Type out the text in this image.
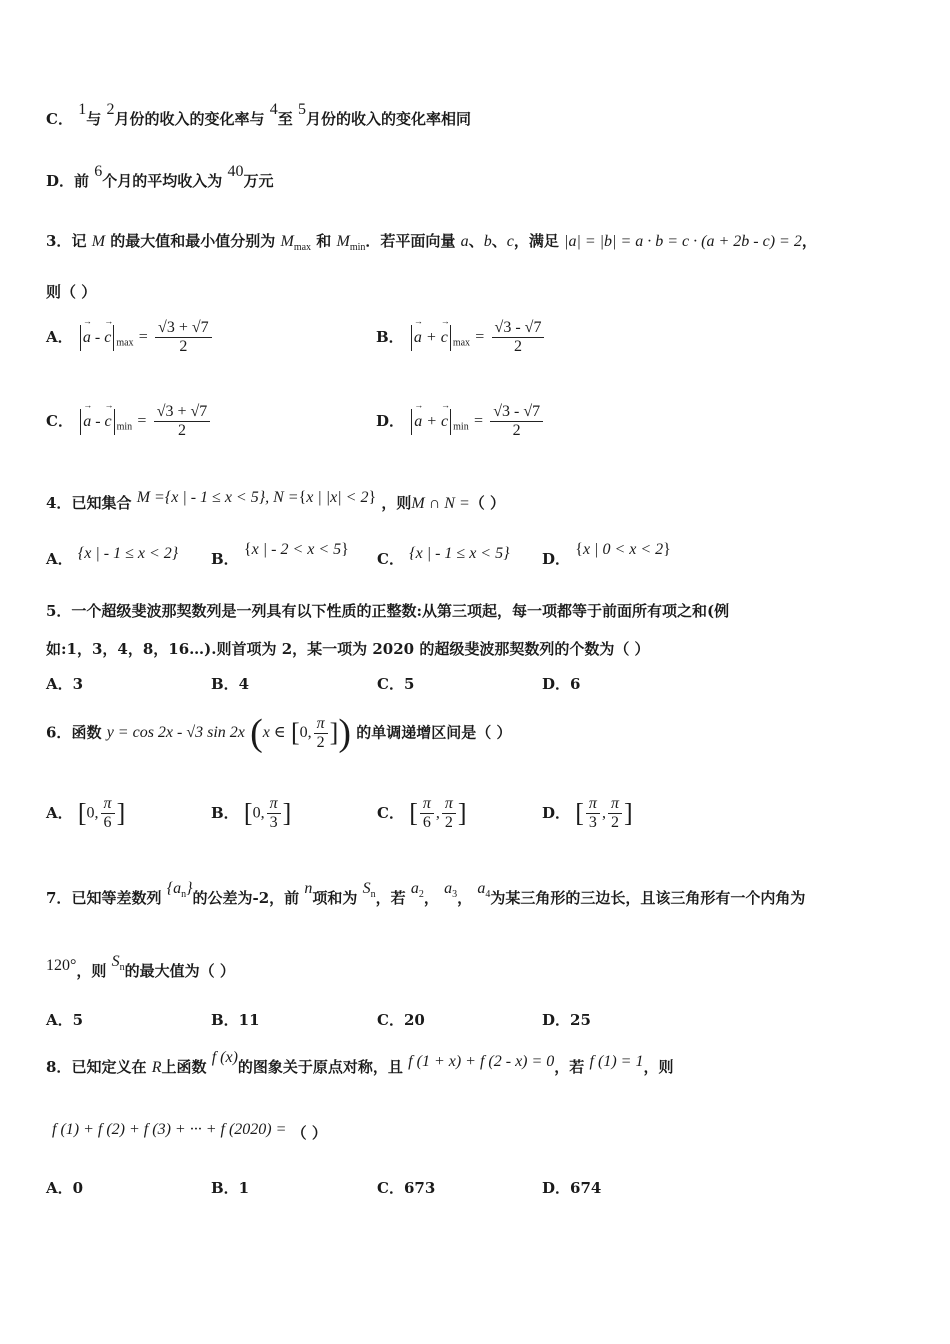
C． 1与 2月份的收入的变化率与 4至 5月份的收入的变化率相同
D．前 6个月的平均收入为 40万元
3．记 M 的最大值和最小值分别为 $M_{max}$ 和 $M_{min}$．若平面向量 a、b、c，满足 |a| = |b| = a · b = c · (a + 2b - c) = 2，
则（ ）
A． → a - → c $_{max} = \frac{√3 + √7}{2}$	B． → a + → c $_{max} = \frac{√3 - √7}{2}$
C． → a - → c $_{min} = \frac{√3 + √7}{2}$	D． → a + → c $_{min} = \frac{√3 - √7}{2}$
4．已知集合 M ={x | - 1 ≤ x < 5}, N ={x | |x| < 2} ，则M ∩ N =（ ）
A． {x | - 1 ≤ x < 2} B． {x | - 2 < x < 5}
C． {x | - 1 ≤ x < 5} D． {x | 0 < x < 2}
5．一个超级斐波那契数列是一列具有以下性质的正整数:从第三项起，每一项都等于前面所有项之和(例
如:1，3，4，8，16…).则首项为 2，某一项为 2020 的超级斐波那契数列的个数为（ ）
A．3	B．4	C．5	D．6
6．函数 y = cos 2x - √3 sin 2x (x ∈ [0, $\frac{\pi}{2}$ ]) 的单调递增区间是（ ）
A． [0, $\frac{\pi}{6}$ ]	B． [0, $\frac{\pi}{3}$ ]	C． [ $\frac{\pi}{6}$ , $\frac{\pi}{2}$ ]	D． [ $\frac{\pi}{3}$ , $\frac{\pi}{2}$ ]
7．已知等差数列 $\{a_n\}$的公差为-2，前 n项和为 $S_n$，若 $a_2$， $a_3$， $a_4$为某三角形的三边长，且该三角形有一个内角为
120°，则 $S_n$的最大值为（ ）
A．5	B．11	C．20	D．25
8．已知定义在 R上函数 f (x)的图象关于原点对称，且 f (1 + x) + f (2 - x) = 0，若 f (1) = 1，则
f (1) + f (2) + f (3) + ··· + f (2020) = （ ）
A．0	B．1	C．673	D．674
